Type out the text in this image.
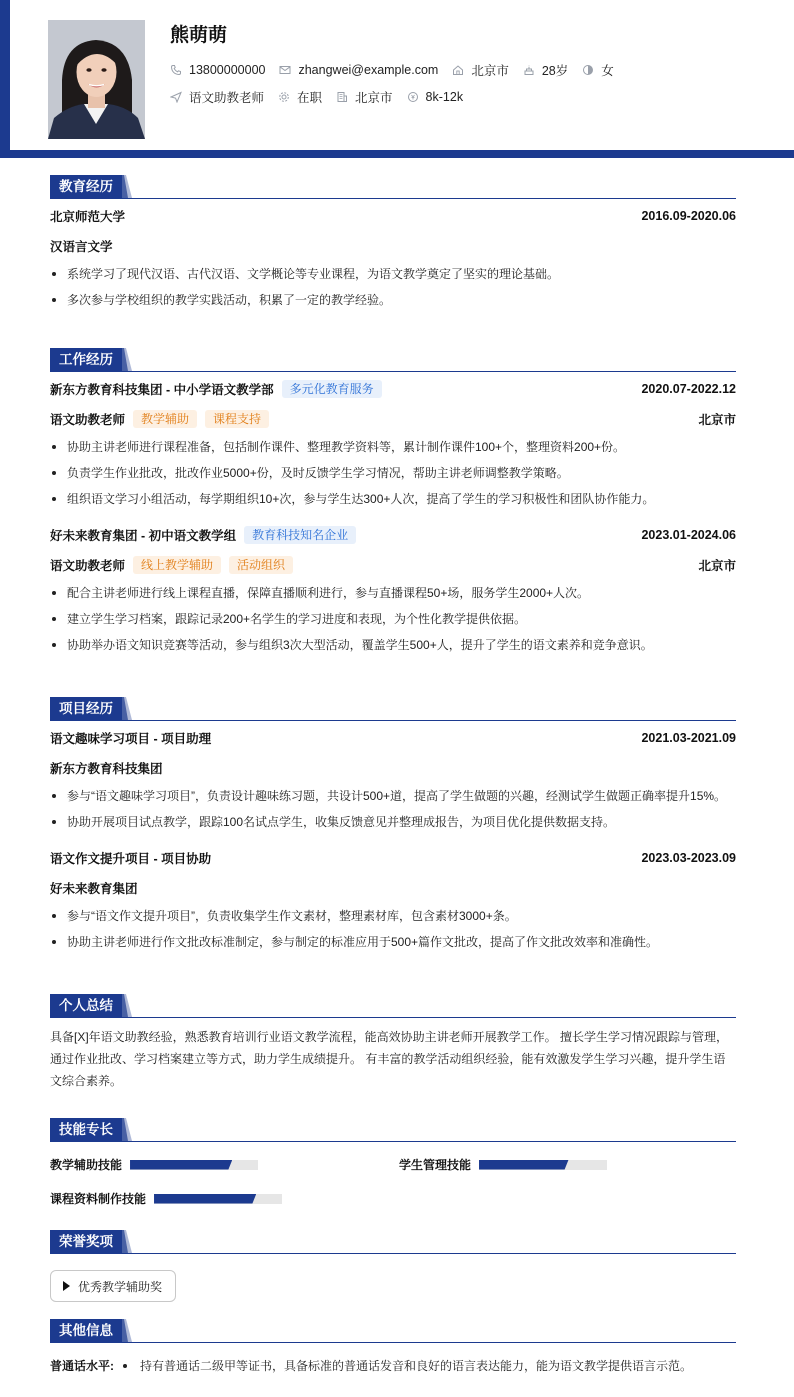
熊萌萌
13800000000	zhangwei@example.com	北京市	28岁	女
语文助教老师	在职	北京市	8k-12k
教育经历
北京师范大学	2016.09-2020.06
汉语言文学
系统学习了现代汉语、古代汉语、文学概论等专业课程，为语文教学奠定了坚实的理论基础。
多次参与学校组织的教学实践活动，积累了一定的教学经验。
工作经历
新东方教育科技集团 - 中小学语文教学部	多元化教育服务	2020.07-2022.12
语文助教老师	教学辅助	课程支持	北京市
协助主讲老师进行课程准备，包括制作课件、整理教学资料等，累计制作课件100+个，整理资料200+份。
负责学生作业批改，批改作业5000+份，及时反馈学生学习情况，帮助主讲老师调整教学策略。
组织语文学习小组活动，每学期组织10+次，参与学生达300+人次，提高了学生的学习积极性和团队协作能力。
好未来教育集团 - 初中语文教学组	教育科技知名企业	2023.01-2024.06
语文助教老师	线上教学辅助	活动组织	北京市
配合主讲老师进行线上课程直播，保障直播顺利进行，参与直播课程50+场，服务学生2000+人次。
建立学生学习档案，跟踪记录200+名学生的学习进度和表现，为个性化教学提供依据。
协助举办语文知识竞赛等活动，参与组织3次大型活动，覆盖学生500+人，提升了学生的语文素养和竞争意识。
项目经历
语文趣味学习项目 - 项目助理	2021.03-2021.09
新东方教育科技集团
参与“语文趣味学习项目”，负责设计趣味练习题，共设计500+道，提高了学生做题的兴趣，经测试学生做题正确率提升15%。
协助开展项目试点教学，跟踪100名试点学生，收集反馈意见并整理成报告，为项目优化提供数据支持。
语文作文提升项目 - 项目协助	2023.03-2023.09
好未来教育集团
参与“语文作文提升项目”，负责收集学生作文素材，整理素材库，包含素材3000+条。
协助主讲老师进行作文批改标准制定，参与制定的标准应用于500+篇作文批改，提高了作文批改效率和准确性。
个人总结
具备[X]年语文助教经验，熟悉教育培训行业语文教学流程，能高效协助主讲老师开展教学工作。 擅长学生学习情况跟踪与管理，
通过作业批改、学习档案建立等方式，助力学生成绩提升。 有丰富的教学活动组织经验，能有效激发学生学习兴趣，提升学生语
文综合素养。
技能专长
教学辅助技能	学生管理技能
课程资料制作技能
荣誉奖项
优秀教学辅助奖
其他信息
普通话水平: 持有普通话二级甲等证书，具备标准的普通话发音和良好的语言表达能力，能为语文教学提供语言示范。
